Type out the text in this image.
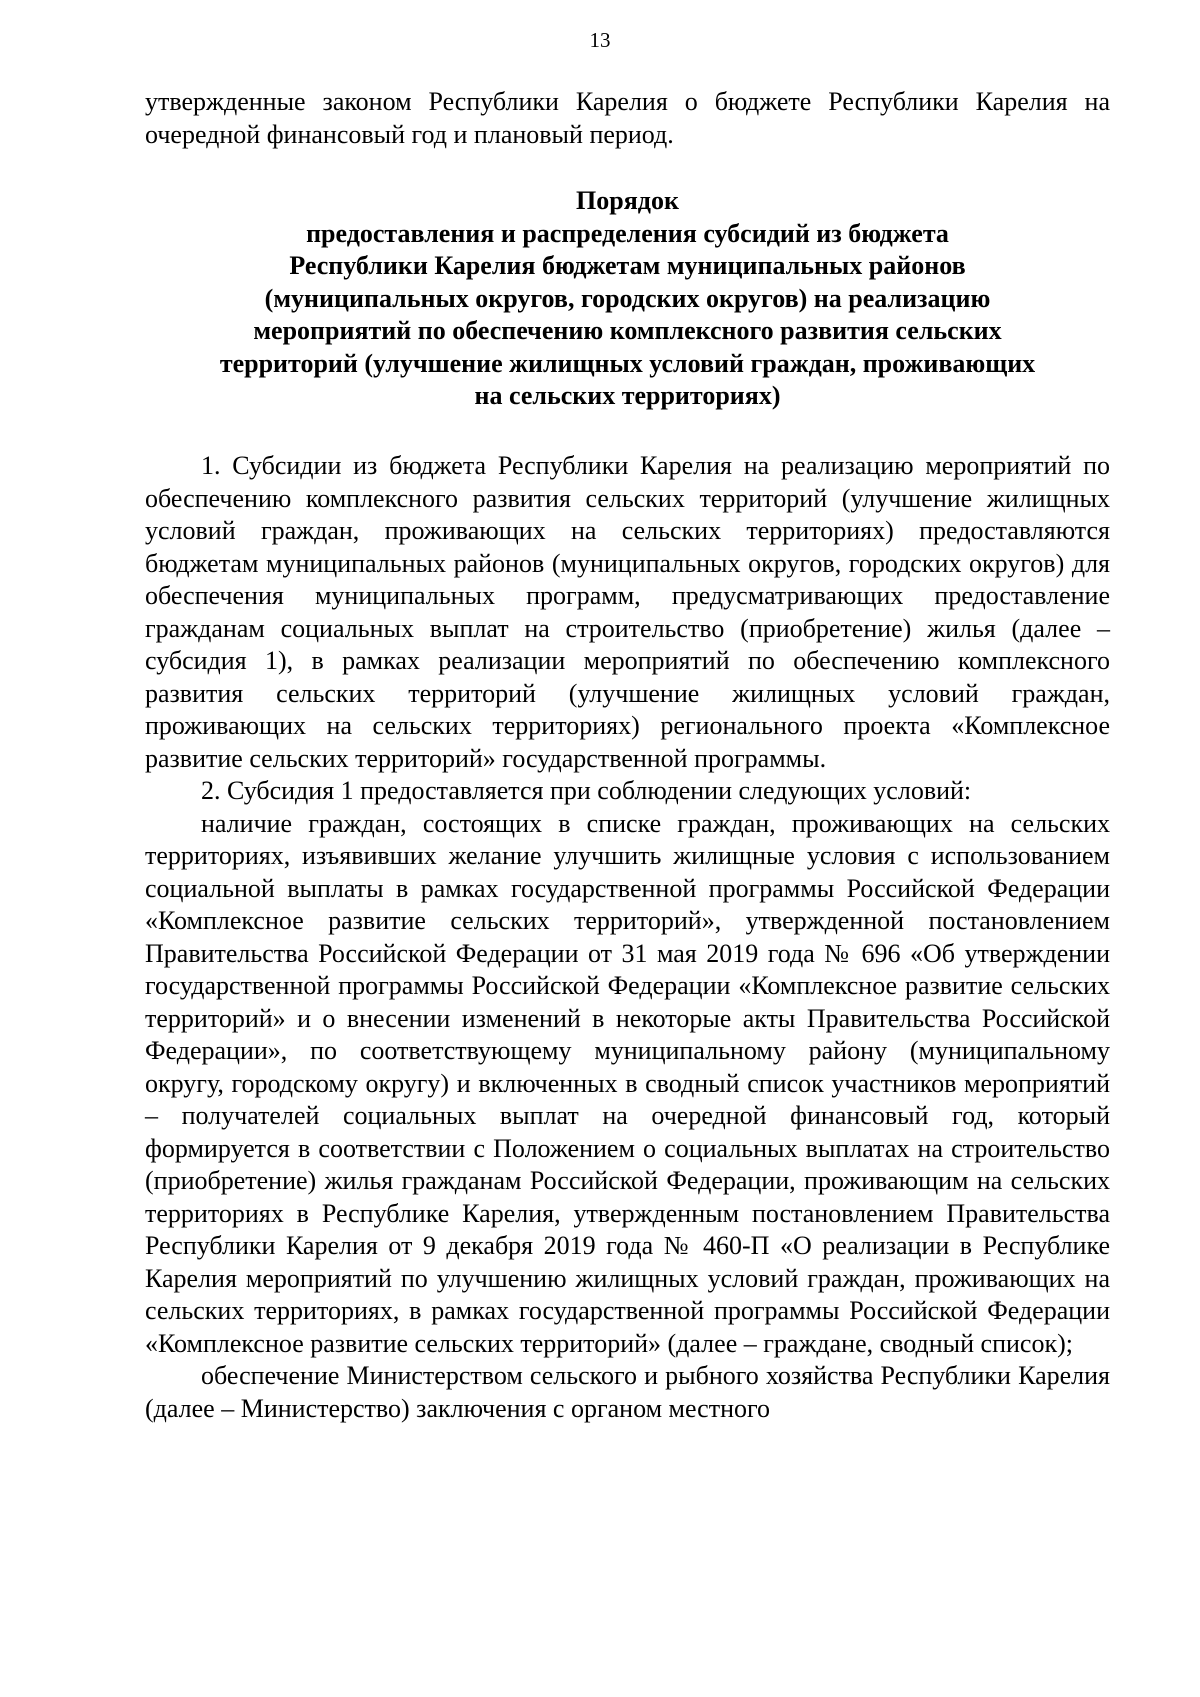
13

утвержденные законом Республики Карелия о бюджете Республики Карелия на очередной финансовый год и плановый период.

Порядок
предоставления и распределения субсидий из бюджета
Республики Карелия бюджетам муниципальных районов
(муниципальных округов, городских округов) на реализацию
мероприятий по обеспечению комплексного развития сельских
территорий (улучшение жилищных условий граждан, проживающих
на сельских территориях)

1. Субсидии из бюджета Республики Карелия на реализацию мероприятий по обеспечению комплексного развития сельских территорий (улучшение жилищных условий граждан, проживающих на сельских территориях) предоставляются бюджетам муниципальных районов (муниципальных округов, городских округов) для обеспечения муниципальных программ, предусматривающих предоставление гражданам социальных выплат на строительство (приобретение) жилья (далее – субсидия 1), в рамках реализации мероприятий по обеспечению комплексного развития сельских территорий (улучшение жилищных условий граждан, проживающих на сельских территориях) регионального проекта «Комплексное развитие сельских территорий» государственной программы.

2. Субсидия 1 предоставляется при соблюдении следующих условий:

наличие граждан, состоящих в списке граждан, проживающих на сельских территориях, изъявивших желание улучшить жилищные условия с использованием социальной выплаты в рамках государственной программы Российской Федерации «Комплексное развитие сельских территорий», утвержденной постановлением Правительства Российской Федерации от 31 мая 2019 года № 696 «Об утверждении государственной программы Российской Федерации «Комплексное развитие сельских территорий» и о внесении изменений в некоторые акты Правительства Российской Федерации», по соответствующему муниципальному району (муниципальному округу, городскому округу) и включенных в сводный список участников мероприятий – получателей социальных выплат на очередной финансовый год, который формируется в соответствии с Положением о социальных выплатах на строительство (приобретение) жилья гражданам Российской Федерации, проживающим на сельских территориях в Республике Карелия, утвержденным постановлением Правительства Республики Карелия от 9 декабря 2019 года № 460-П «О реализации в Республике Карелия мероприятий по улучшению жилищных условий граждан, проживающих на сельских территориях, в рамках государственной программы Российской Федерации «Комплексное развитие сельских территорий» (далее – граждане, сводный список);

обеспечение Министерством сельского и рыбного хозяйства Республики Карелия (далее – Министерство) заключения с органом местного
